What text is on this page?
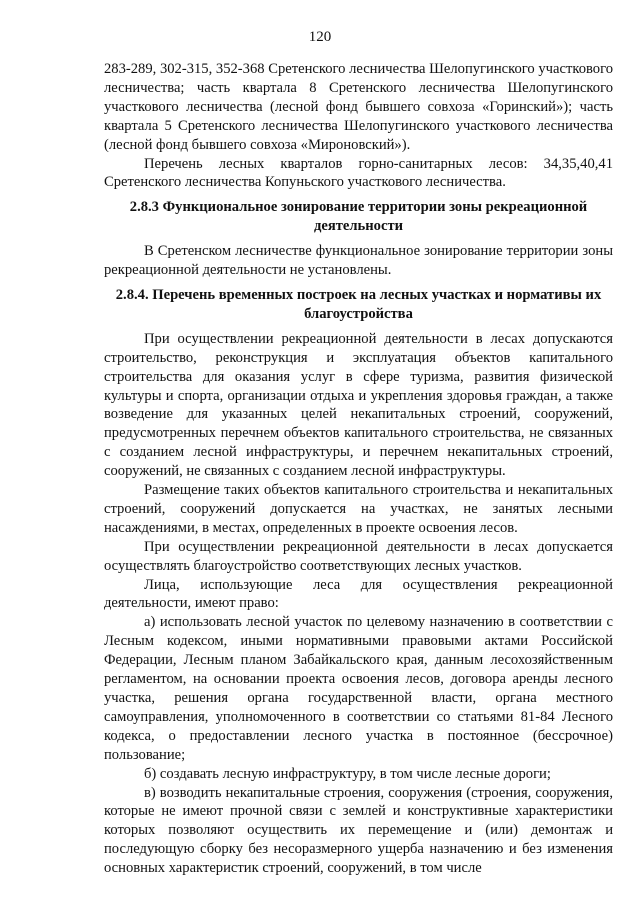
120

283-289, 302-315, 352-368 Сретенского лесничества Шелопугинского участкового лесничества; часть квартала 8 Сретенского лесничества Шелопугинского участкового лесничества (лесной фонд бывшего совхоза «Горинский»); часть квартала 5 Сретенского лесничества Шелопугинского участкового лесничества (лесной фонд бывшего совхоза «Мироновский»).

Перечень лесных кварталов горно-санитарных лесов: 34,35,40,41 Сретенского лесничества Копуньского участкового лесничества.

2.8.3 Функциональное зонирование территории зоны рекреационной деятельности

В Сретенском лесничестве функциональное зонирование территории зоны рекреационной деятельности не установлены.

2.8.4. Перечень временных построек на лесных участках и нормативы их благоустройства

При осуществлении рекреационной деятельности в лесах допускаются строительство, реконструкция и эксплуатация объектов капитального строительства для оказания услуг в сфере туризма, развития физической культуры и спорта, организации отдыха и укрепления здоровья граждан, а также возведение для указанных целей некапитальных строений, сооружений, предусмотренных перечнем объектов капитального строительства, не связанных с созданием лесной инфраструктуры, и перечнем некапитальных строений, сооружений, не связанных с созданием лесной инфраструктуры.

Размещение таких объектов капитального строительства и некапитальных строений, сооружений допускается на участках, не занятых лесными насаждениями, в местах, определенных в проекте освоения лесов.

При осуществлении рекреационной деятельности в лесах допускается осуществлять благоустройство соответствующих лесных участков.

Лица, использующие леса для осуществления рекреационной деятельности, имеют право:

а) использовать лесной участок по целевому назначению в соответствии с Лесным кодексом, иными нормативными правовыми актами Российской Федерации, Лесным планом Забайкальского края, данным лесохозяйственным регламентом, на основании проекта освоения лесов, договора аренды лесного участка, решения органа государственной власти, органа местного самоуправления, уполномоченного в соответствии со статьями 81-84 Лесного кодекса, о предоставлении лесного участка в постоянное (бессрочное) пользование;

б) создавать лесную инфраструктуру, в том числе лесные дороги;

в) возводить некапитальные строения, сооружения (строения, сооружения, которые не имеют прочной связи с землей и конструктивные характеристики которых позволяют осуществить их перемещение и (или) демонтаж и последующую сборку без несоразмерного ущерба назначению и без изменения основных характеристик строений, сооружений, в том числе
